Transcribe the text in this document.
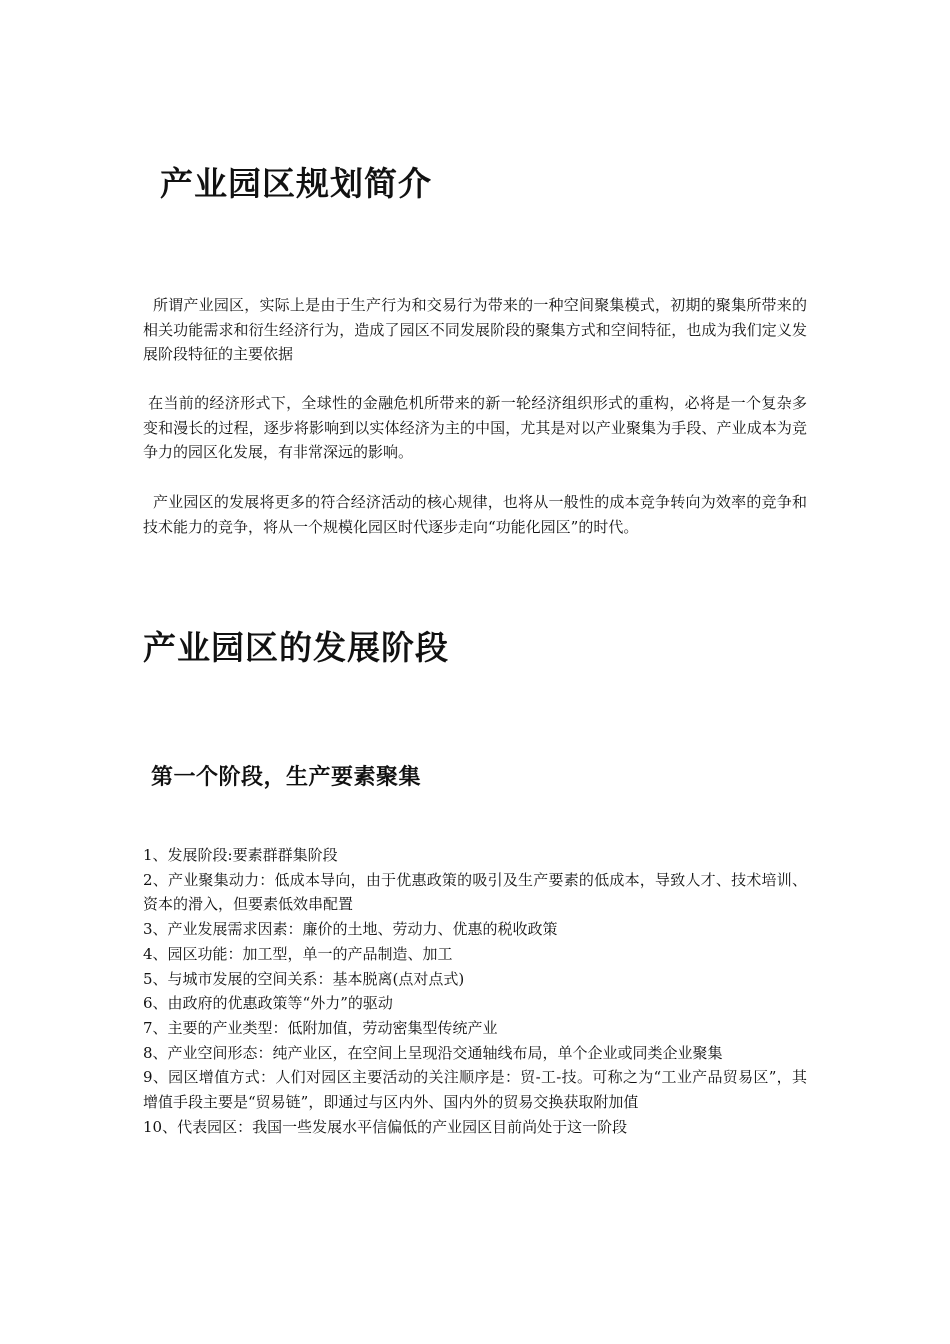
产业园区规划简介

所谓产业园区，实际上是由于生产行为和交易行为带来的一种空间聚集模式，初期的聚集所带来的相关功能需求和衍生经济行为，造成了园区不同发展阶段的聚集方式和空间特征，也成为我们定义发展阶段特征的主要依据

在当前的经济形式下，全球性的金融危机所带来的新一轮经济组织形式的重构，必将是一个复杂多变和漫长的过程，逐步将影响到以实体经济为主的中国，尤其是对以产业聚集为手段、产业成本为竞争力的园区化发展，有非常深远的影响。

产业园区的发展将更多的符合经济活动的核心规律，也将从一般性的成本竞争转向为效率的竞争和技术能力的竞争，将从一个规模化园区时代逐步走向“功能化园区”的时代。

产业园区的发展阶段
第一个阶段，生产要素聚集
1、发展阶段:要素群群集阶段
2、产业聚集动力：低成本导向，由于优惠政策的吸引及生产要素的低成本，导致人才、技术培训、资本的滑入，但要素低效串配置
3、产业发展需求因素：廉价的土地、劳动力、优惠的税收政策
4、园区功能：加工型，单一的产品制造、加工
5、与城市发展的空间关系：基本脱离(点对点式)
6、由政府的优惠政策等“外力”的驱动
7、主要的产业类型：低附加值，劳动密集型传统产业
8、产业空间形态：纯产业区，在空间上呈现沿交通轴线布局，单个企业或同类企业聚集
9、园区增值方式：人们对园区主要活动的关注顺序是：贸-工-技。可称之为“工业产品贸易区”，其增值手段主要是“贸易链”，即通过与区内外、国内外的贸易交换获取附加值
10、代表园区：我国一些发展水平信偏低的产业园区目前尚处于这一阶段
